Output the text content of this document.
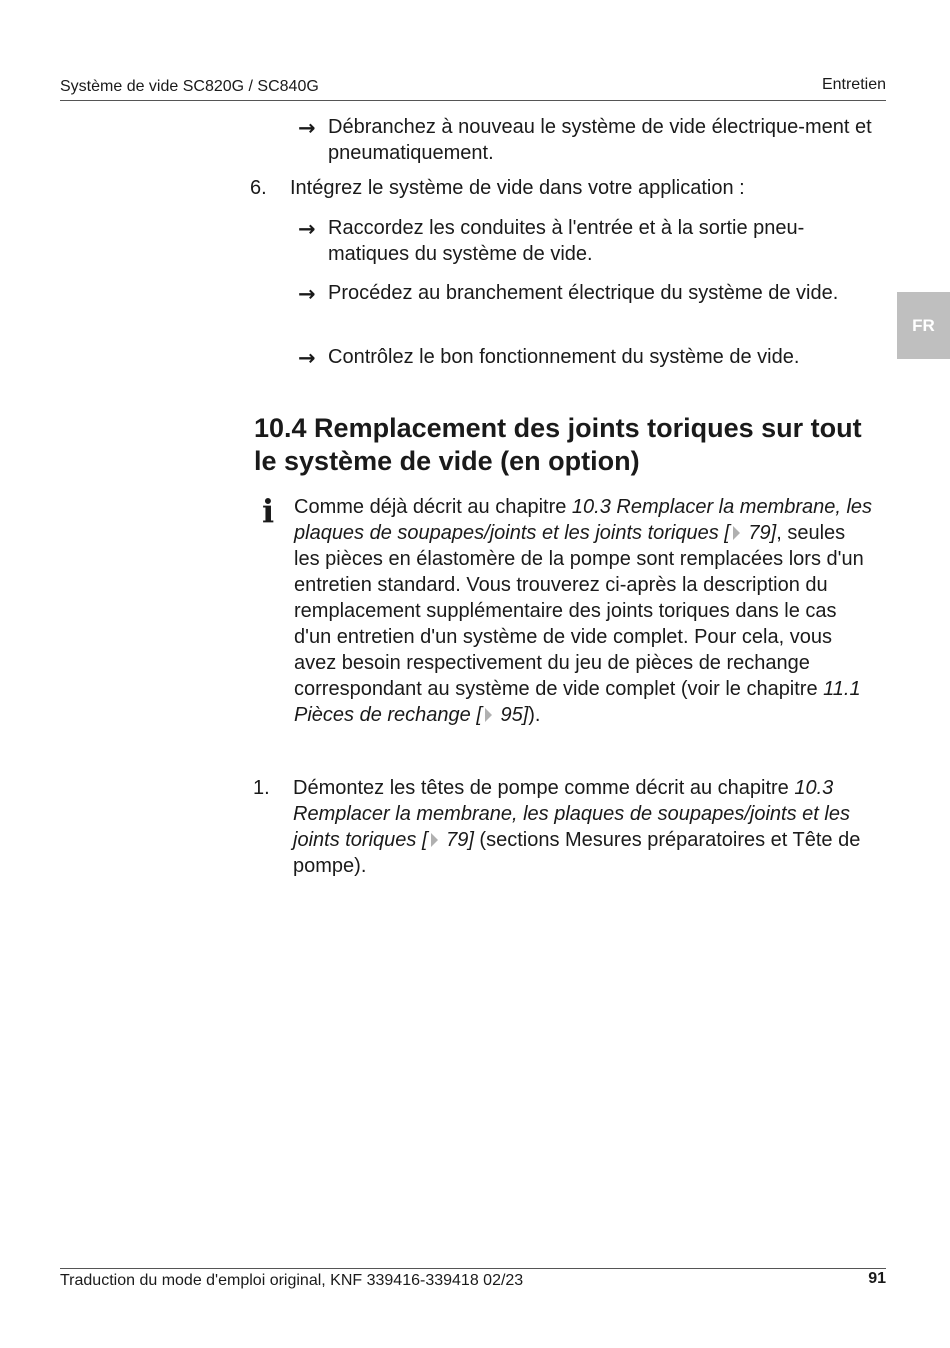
Système de vide SC820G / SC840G	Entretien
FR
→ Débranchez à nouveau le système de vide électrique-ment et pneumatiquement.
6. Intégrez le système de vide dans votre application :
→ Raccordez les conduites à l'entrée et à la sortie pneu-matiques du système de vide.
→ Procédez au branchement électrique du système de vide.
→ Contrôlez le bon fonctionnement du système de vide.
10.4 Remplacement des joints toriques sur tout le système de vide (en option)
i Comme déjà décrit au chapitre 10.3 Remplacer la membrane, les plaques de soupapes/joints et les joints toriques [ 79], seules les pièces en élastomère de la pompe sont remplacées lors d'un entretien standard. Vous trouverez ci-après la description du remplacement supplémentaire des joints toriques dans le cas d'un entretien d'un système de vide complet. Pour cela, vous avez besoin respectivement du jeu de pièces de rechange correspondant au système de vide complet (voir le chapitre 11.1 Pièces de rechange [ 95]).
1. Démontez les têtes de pompe comme décrit au chapitre 10.3 Remplacer la membrane, les plaques de soupapes/joints et les joints toriques [ 79] (sections Mesures préparatoires et Tête de pompe).
Traduction du mode d'emploi original, KNF 339416-339418 02/23	91
